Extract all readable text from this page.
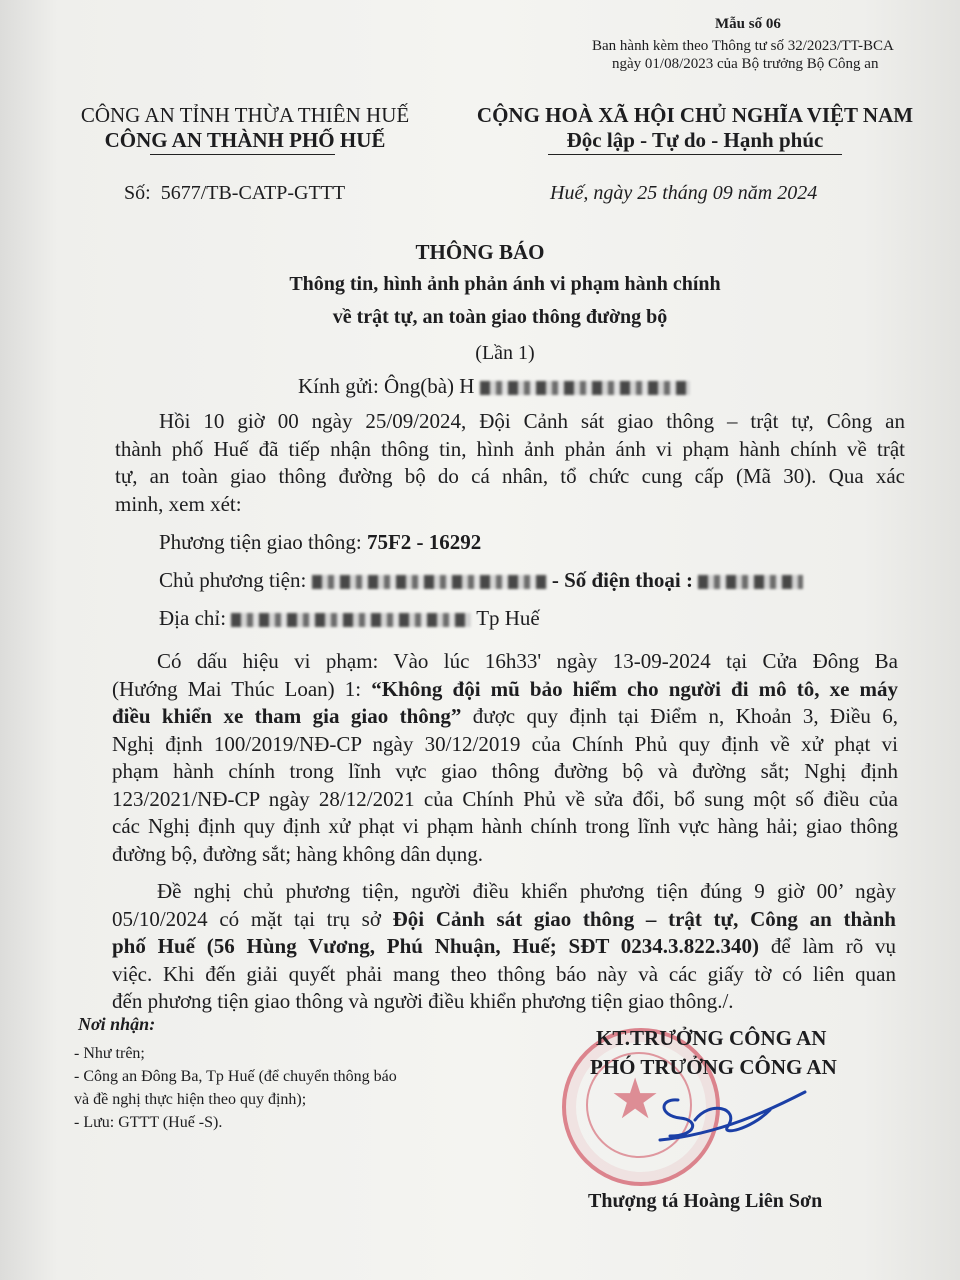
Mẫu số 06
Ban hành kèm theo Thông tư số 32/2023/TT-BCA
ngày 01/08/2023 của Bộ trưởng Bộ Công an
CÔNG AN TỈNH THỪA THIÊN HUẾ
CÔNG AN THÀNH PHỐ HUẾ
Số: 5677/TB-CATP-GTTT
CỘNG HOÀ XÃ HỘI CHỦ NGHĨA VIỆT NAM
Độc lập - Tự do - Hạnh phúc
Huế, ngày 25 tháng 09 năm 2024
THÔNG BÁO
Thông tin, hình ảnh phản ánh vi phạm hành chính
về trật tự, an toàn giao thông đường bộ
(Lần 1)
Kính gửi: Ông(bà) H
Hồi 10 giờ 00 ngày 25/09/2024, Đội Cảnh sát giao thông – trật tự, Công an
thành phố Huế đã tiếp nhận thông tin, hình ảnh phản ánh vi phạm hành chính về trật
tự, an toàn giao thông đường bộ do cá nhân, tổ chức cung cấp (Mã 30). Qua xác
minh, xem xét:
Phương tiện giao thông: 75F2 - 16292
Chủ phương tiện:	- Số điện thoại :
Địa chỉ:	Tp Huế
Có dấu hiệu vi phạm: Vào lúc 16h33' ngày 13-09-2024 tại Cửa Đông Ba
(Hướng Mai Thúc Loan) 1: “Không đội mũ bảo hiểm cho người đi mô tô, xe máy
điều khiển xe tham gia giao thông” được quy định tại Điểm n, Khoản 3, Điều 6,
Nghị định 100/2019/NĐ-CP ngày 30/12/2019 của Chính Phủ quy định về xử phạt vi
phạm hành chính trong lĩnh vực giao thông đường bộ và đường sắt; Nghị định
123/2021/NĐ-CP ngày 28/12/2021 của Chính Phủ về sửa đổi, bổ sung một số điều của
các Nghị định quy định xử phạt vi phạm hành chính trong lĩnh vực hàng hải; giao thông
đường bộ, đường sắt; hàng không dân dụng.
Đề nghị chủ phương tiện, người điều khiển phương tiện đúng 9 giờ 00’ ngày
05/10/2024 có mặt tại trụ sở Đội Cảnh sát giao thông – trật tự, Công an thành
phố Huế (56 Hùng Vương, Phú Nhuận, Huế; SĐT 0234.3.822.340) để làm rõ vụ
việc. Khi đến giải quyết phải mang theo thông báo này và các giấy tờ có liên quan
đến phương tiện giao thông và người điều khiển phương tiện giao thông./.
Nơi nhận:
- Như trên;
- Công an Đông Ba, Tp Huế (để chuyển thông báo
và đề nghị thực hiện theo quy định);
- Lưu: GTTT (Huế -S).	★
KT.TRƯỞNG CÔNG AN
PHÓ TRƯỞNG CÔNG AN
Thượng tá Hoàng Liên Sơn
